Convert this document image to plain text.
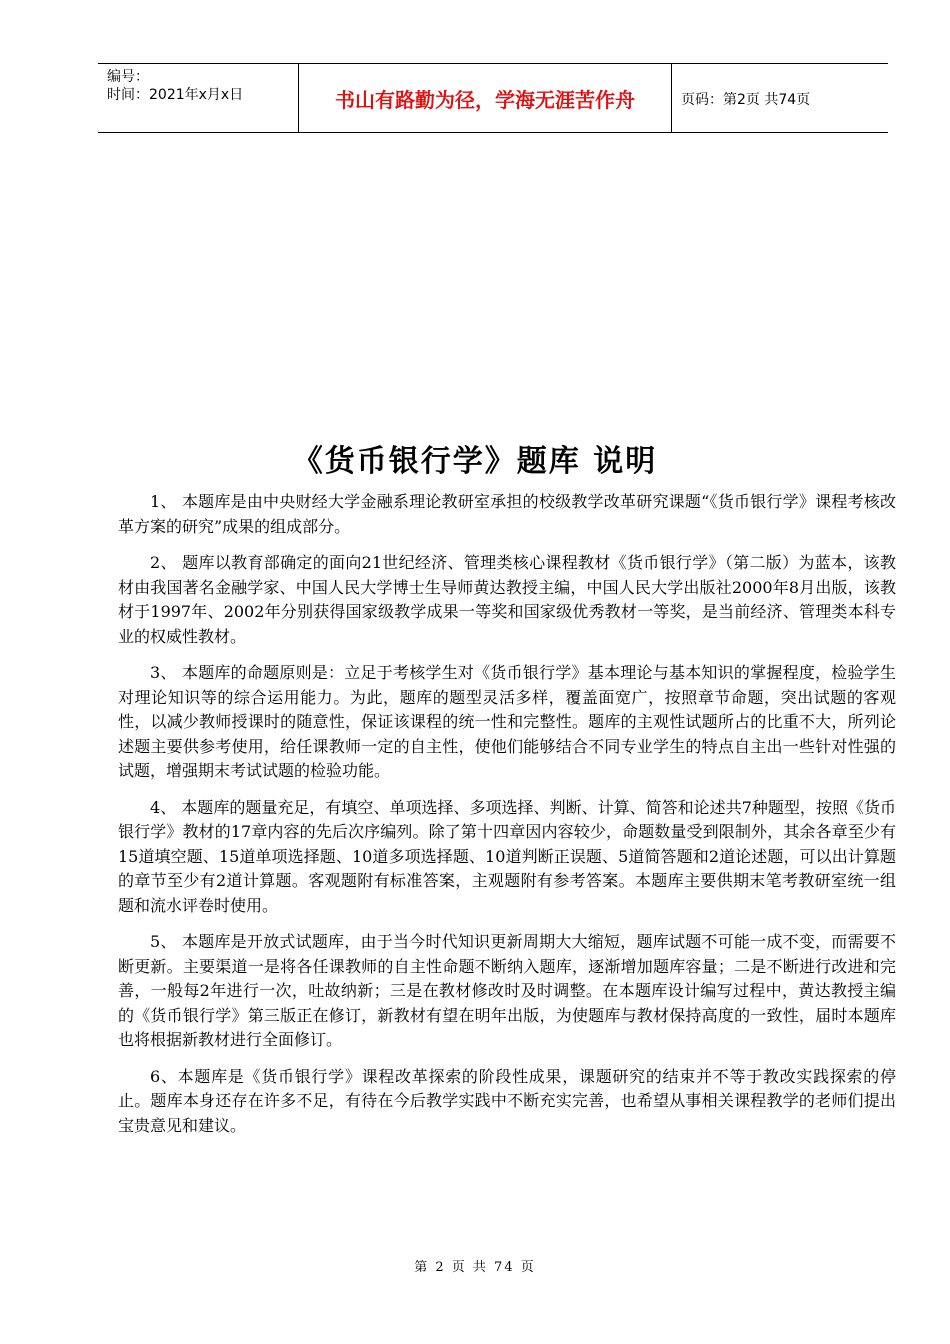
编号：
时间：2021年x月x日	书山有路勤为径，学海无涯苦作舟	页码：第2页 共74页
《货币银行学》题库 说明

1、 本题库是由中央财经大学金融系理论教研室承担的校级教学改革研究课题“《货币银行学》课程考核改革方案的研究”成果的组成部分。

2、 题库以教育部确定的面向21世纪经济、管理类核心课程教材《货币银行学》（第二版）为蓝本，该教材由我国著名金融学家、中国人民大学博士生导师黄达教授主编，中国人民大学出版社2000年8月出版，该教材于1997年、2002年分别获得国家级教学成果一等奖和国家级优秀教材一等奖，是当前经济、管理类本科专业的权威性教材。

3、 本题库的命题原则是：立足于考核学生对《货币银行学》基本理论与基本知识的掌握程度，检验学生对理论知识等的综合运用能力。为此，题库的题型灵活多样，覆盖面宽广，按照章节命题，突出试题的客观性，以减少教师授课时的随意性，保证该课程的统一性和完整性。题库的主观性试题所占的比重不大，所列论述题主要供参考使用，给任课教师一定的自主性，使他们能够结合不同专业学生的特点自主出一些针对性强的试题，增强期末考试试题的检验功能。

4、 本题库的题量充足，有填空、单项选择、多项选择、判断、计算、简答和论述共7种题型，按照《货币银行学》教材的17章内容的先后次序编列。除了第十四章因内容较少，命题数量受到限制外，其余各章至少有15道填空题、15道单项选择题、10道多项选择题、10道判断正误题、5道简答题和2道论述题，可以出计算题的章节至少有2道计算题。客观题附有标准答案，主观题附有参考答案。本题库主要供期末笔考教研室统一组题和流水评卷时使用。

5、 本题库是开放式试题库，由于当今时代知识更新周期大大缩短，题库试题不可能一成不变，而需要不断更新。主要渠道一是将各任课教师的自主性命题不断纳入题库，逐渐增加题库容量；二是不断进行改进和完善，一般每2年进行一次，吐故纳新；三是在教材修改时及时调整。在本题库设计编写过程中，黄达教授主编的《货币银行学》第三版正在修订，新教材有望在明年出版，为使题库与教材保持高度的一致性，届时本题库也将根据新教材进行全面修订。

6、本题库是《货币银行学》课程改革探索的阶段性成果，课题研究的结束并不等于教改实践探索的停止。题库本身还存在许多不足，有待在今后教学实践中不断充实完善，也希望从事相关课程教学的老师们提出宝贵意见和建议。

第 2 页 共 74 页
